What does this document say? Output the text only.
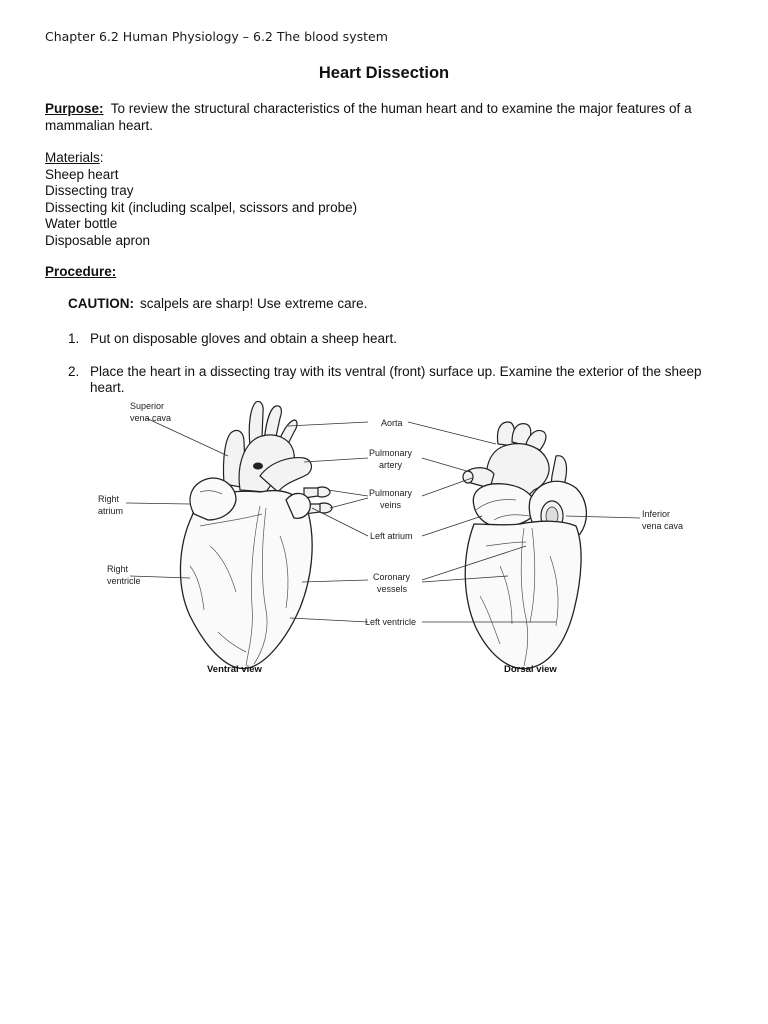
Chapter 6.2 Human Physiology – 6.2 The blood system
Heart Dissection
Purpose: To review the structural characteristics of the human heart and to examine the major features of a mammalian heart.
Materials:
Sheep heart
Dissecting tray
Dissecting kit (including scalpel, scissors and probe)
Water bottle
Disposable apron
Procedure:
CAUTION: scalpels are sharp! Use extreme care.
1. Put on disposable gloves and obtain a sheep heart.
2. Place the heart in a dissecting tray with its ventral (front) surface up. Examine the exterior of the sheep heart.
Superior
vena cava	Aorta
Pulmonary
artery
Pulmonary
veins
Left atrium
Coronary
vessels
Left ventricle
Right
atrium
Right
ventricle
Inferior
vena cava
Ventral view	Dorsal view
